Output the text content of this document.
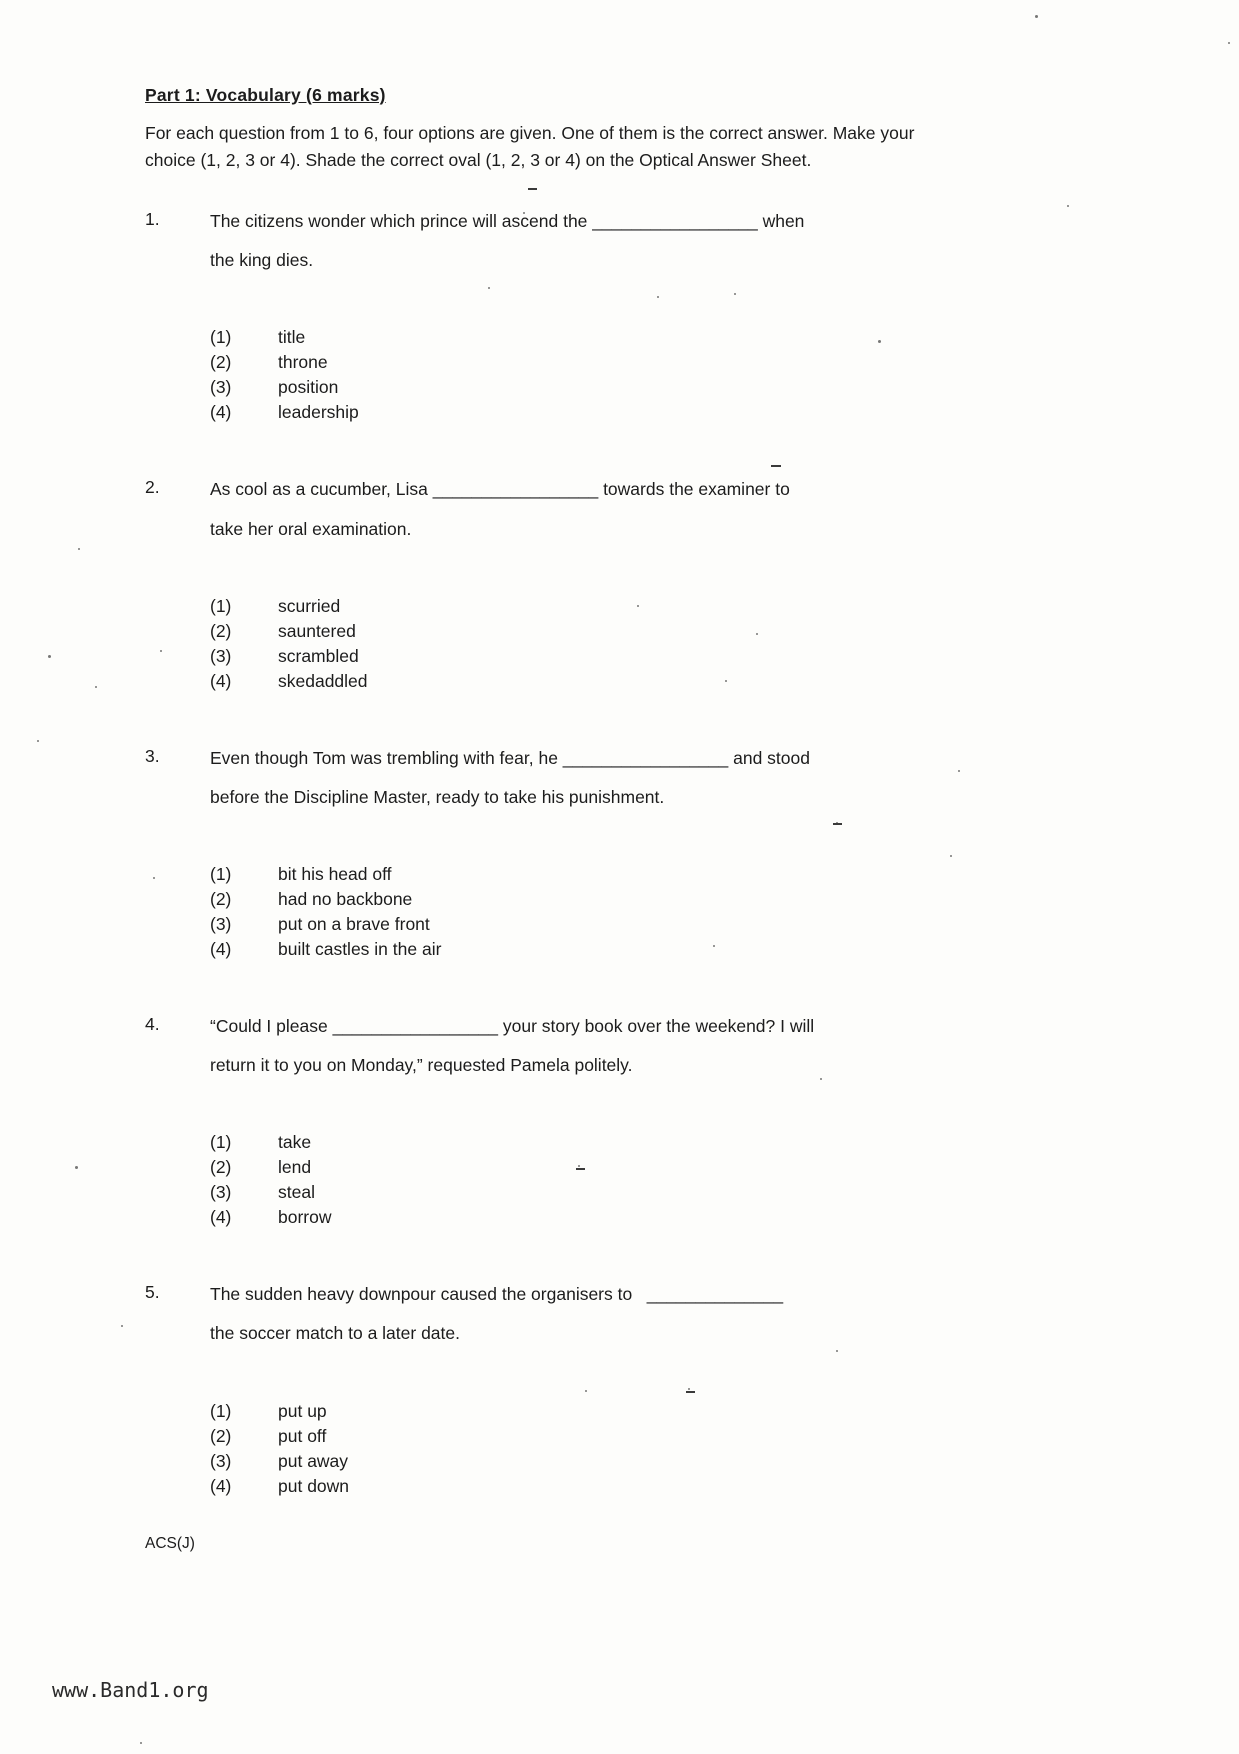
Part 1: Vocabulary (6 marks)

For each question from 1 to 6, four options are given. One of them is the correct answer. Make your choice (1, 2, 3 or 4). Shade the correct oval (1, 2, 3 or 4) on the Optical Answer Sheet.

1.	The citizens wonder which prince will ascend the _________________ when

the king dies.

(1)	title
(2)	throne
(3)	position
(4)	leadership
2.	As cool as a cucumber, Lisa _________________ towards the examiner to

take her oral examination.

(1)	scurried
(2)	sauntered
(3)	scrambled
(4)	skedaddled
3.	Even though Tom was trembling with fear, he _________________ and stood

before the Discipline Master, ready to take his punishment.

(1)	bit his head off
(2)	had no backbone
(3)	put on a brave front
(4)	built castles in the air
4.	“Could I please _________________ your story book over the weekend? I will

return it to you on Monday,” requested Pamela politely.

(1)	take
(2)	lend
(3)	steal
(4)	borrow
5.	The sudden heavy downpour caused the organisers to   ______________

the soccer match to a later date.

(1)	put up
(2)	put off
(3)	put away
(4)	put down
ACS(J)
www.Band1.org
